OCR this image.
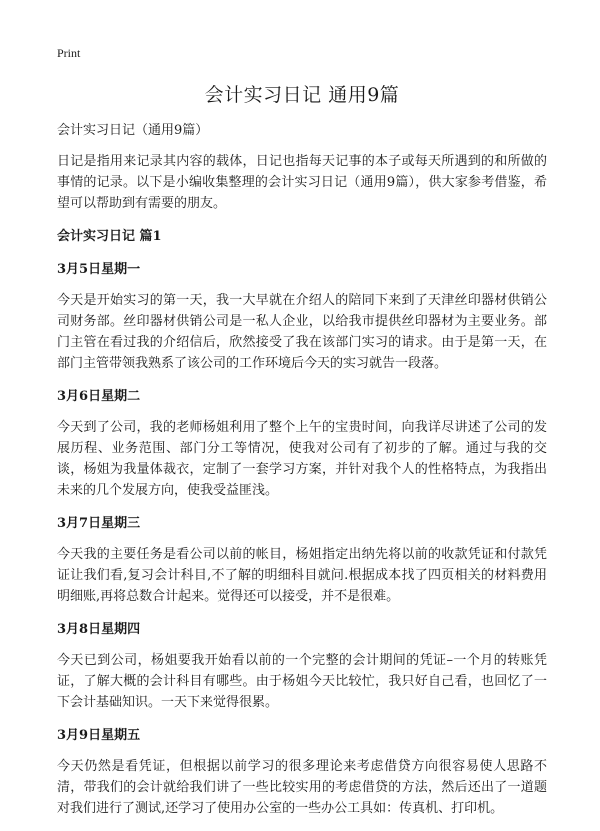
Print
会计实习日记 通用9篇

会计实习日记（通用9篇）

日记是指用来记录其内容的载体，日记也指每天记事的本子或每天所遇到的和所做的事情的记录。以下是小编收集整理的会计实习日记（通用9篇），供大家参考借鉴，希望可以帮助到有需要的朋友。

会计实习日记 篇1

3月5日星期一

今天是开始实习的第一天，我一大早就在介绍人的陪同下来到了天津丝印器材供销公司财务部。丝印器材供销公司是一私人企业，以给我市提供丝印器材为主要业务。部门主管在看过我的介绍信后，欣然接受了我在该部门实习的请求。由于是第一天，在部门主管带领我熟系了该公司的工作环境后今天的实习就告一段落。

3月6日星期二

今天到了公司，我的老师杨姐利用了整个上午的宝贵时间，向我详尽讲述了公司的发展历程、业务范围、部门分工等情况，使我对公司有了初步的了解。通过与我的交谈，杨姐为我量体裁衣，定制了一套学习方案，并针对我个人的性格特点，为我指出未来的几个发展方向，使我受益匪浅。

3月7日星期三

今天我的主要任务是看公司以前的帐目，杨姐指定出纳先将以前的收款凭证和付款凭证让我们看,复习会计科目,不了解的明细科目就问.根据成本找了四页相关的材料费用明细账,再将总数合计起来。觉得还可以接受，并不是很难。

3月8日星期四

今天已到公司，杨姐要我开始看以前的一个完整的会计期间的凭证–一个月的转账凭证，了解大概的会计科目有哪些。由于杨姐今天比较忙，我只好自己看，也回忆了一下会计基础知识。一天下来觉得很累。

3月9日星期五

今天仍然是看凭证，但根据以前学习的很多理论来考虑借贷方向很容易使人思路不清，带我们的会计就给我们讲了一些比较实用的考虑借贷的方法，然后还出了一道题对我们进行了测试,还学习了使用办公室的一些办公工具如：传真机、打印机。
